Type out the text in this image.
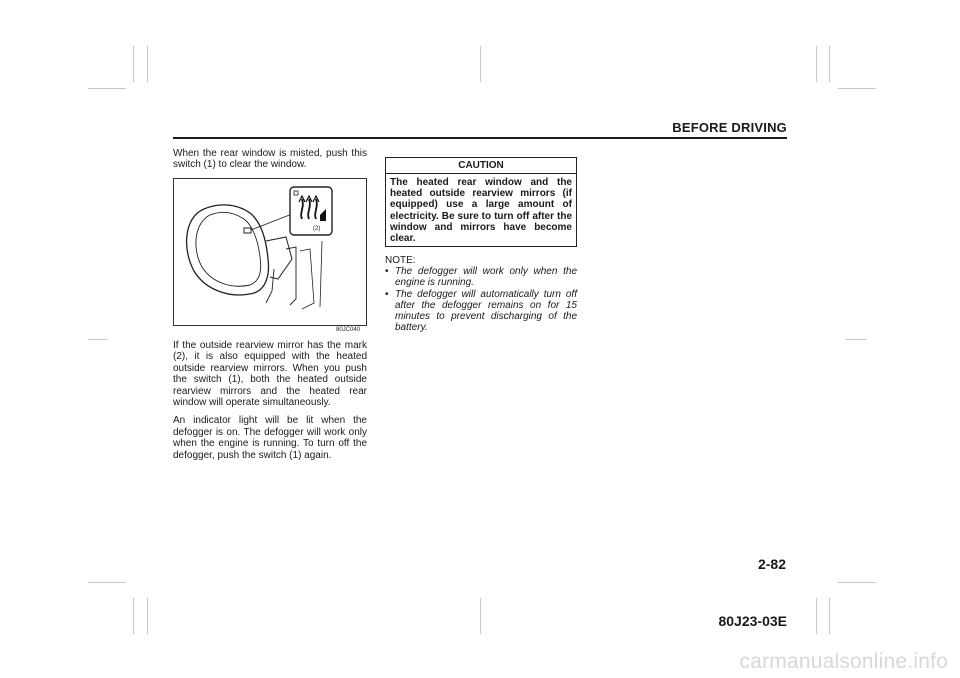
BEFORE DRIVING

When the rear window is misted, push this switch (1) to clear the window.

(2)
80JC040

If the outside rearview mirror has the mark (2), it is also equipped with the heated outside rearview mirrors. When you push the switch (1), both the heated outside rearview mirrors and the heated rear window will operate simultaneously.

An indicator light will be lit when the defogger is on. The defogger will work only when the engine is running. To turn off the defogger, push the switch (1) again.

CAUTION
The heated rear window and the heated outside rearview mirrors (if equipped) use a large amount of electricity. Be sure to turn off after the window and mirrors have become clear.
NOTE:
• The defogger will work only when the engine is running.
• The defogger will automatically turn off after the defogger remains on for 15 minutes to prevent discharging of the battery.
2-82
80J23-03E
carmanualsonline.info
